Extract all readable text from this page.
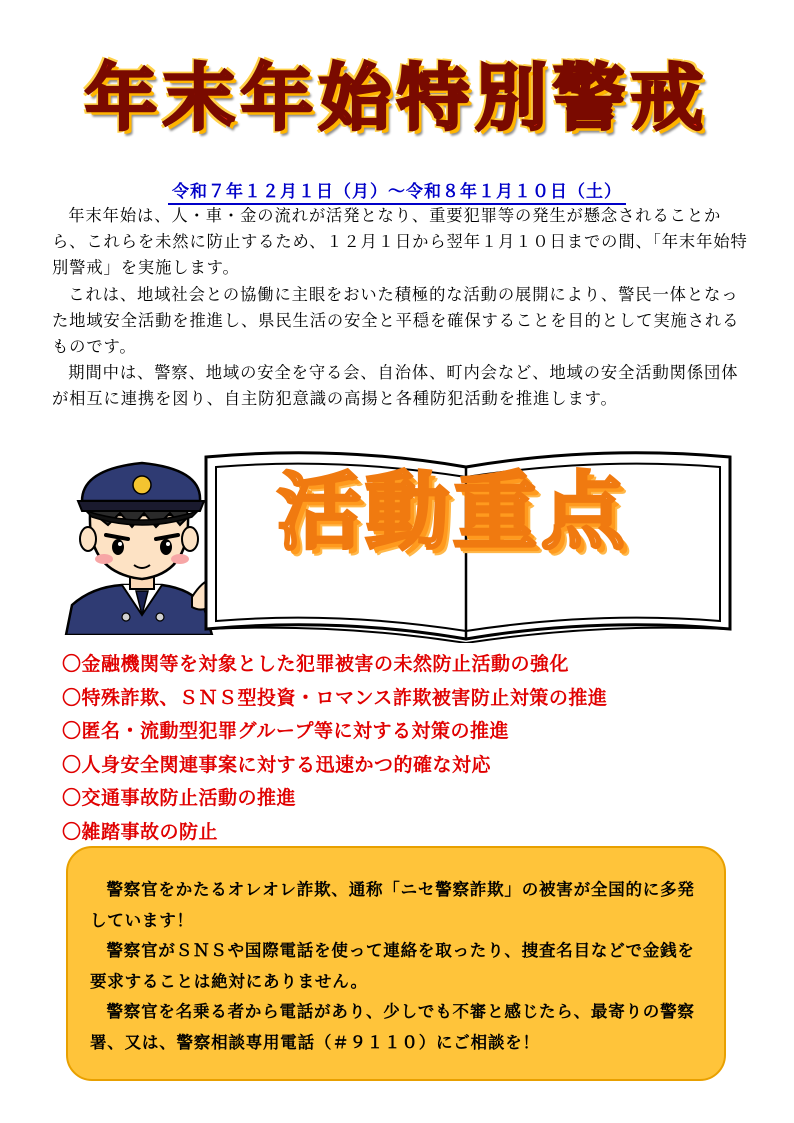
年末年始特別警戒
令和７年１２月１日（月）～令和８年１月１０日（土）

年末年始は、人・車・金の流れが活発となり、重要犯罪等の発生が懸念されることから、これらを未然に防止するため、１２月１日から翌年１月１０日までの間、「年末年始特別警戒」を実施します。

これは、地域社会との協働に主眼をおいた積極的な活動の展開により、警民一体となった地域安全活動を推進し、県民生活の安全と平穏を確保することを目的として実施されるものです。

期間中は、警察、地域の安全を守る会、自治体、町内会など、地域の安全活動関係団体が相互に連携を図り、自主防犯意識の高揚と各種防犯活動を推進します。

活動重点
〇金融機関等を対象とした犯罪被害の未然防止活動の強化
〇特殊詐欺、ＳＮＳ型投資・ロマンス詐欺被害防止対策の推進
〇匿名・流動型犯罪グループ等に対する対策の推進
〇人身安全関連事案に対する迅速かつ的確な対応
〇交通事故防止活動の推進
〇雑踏事故の防止

警察官をかたるオレオレ詐欺、通称「ニセ警察詐欺」の被害が全国的に多発しています！

警察官がＳＮＳや国際電話を使って連絡を取ったり、捜査名目などで金銭を要求することは絶対にありません。

警察官を名乗る者から電話があり、少しでも不審と感じたら、最寄りの警察署、又は、警察相談専用電話（＃９１１０）にご相談を！
